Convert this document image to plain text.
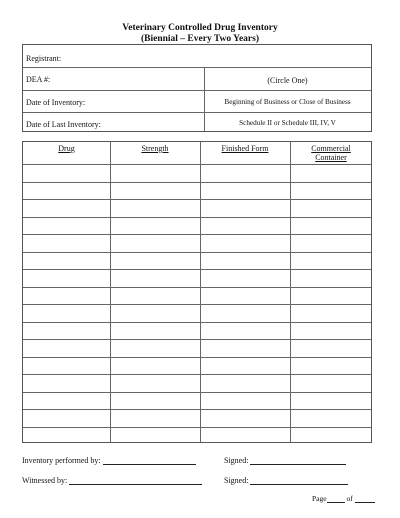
Veterinary Controlled Drug Inventory
(Biennial – Every Two Years)
Registrant:
DEA #:	(Circle One)
Date of Inventory:	Beginning of Business or Close of Business
Date of Last Inventory:	Schedule II or Schedule III, IV, V
Drug	Strength	Finished Form	Commercial Container
Inventory performed by:	Signed:
Witnessed by:	Signed:
Page	of
